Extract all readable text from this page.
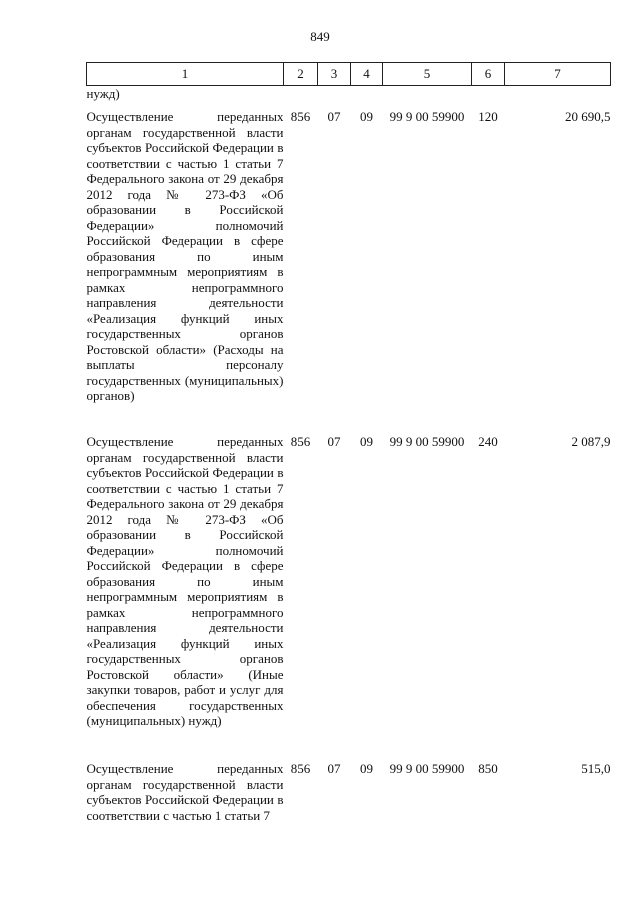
849
1	2	3	4	5	6	7
нужд)						
Осуществление переданных органам государственной власти субъектов Российской Федерации в соответствии с частью 1 статьи 7 Федерального закона от 29 декабря 2012 года № 273-ФЗ «Об образовании в Российской Федерации» полномочий Российской Федерации в сфере образования по иным непрограммным мероприятиям в рамках непрограммного направления деятельности «Реализация функций иных государственных органов Ростовской области» (Расходы на выплаты персоналу государственных (муниципальных) органов)	856	07	09	99 9 00 59900	120	20 690,5
Осуществление переданных органам государственной власти субъектов Российской Федерации в соответствии с частью 1 статьи 7 Федерального закона от 29 декабря 2012 года № 273-ФЗ «Об образовании в Российской Федерации» полномочий Российской Федерации в сфере образования по иным непрограммным мероприятиям в рамках непрограммного направления деятельности «Реализация функций иных государственных органов Ростовской области» (Иные закупки товаров, работ и услуг для обеспечения государственных (муниципальных) нужд)	856	07	09	99 9 00 59900	240	2 087,9
Осуществление переданных органам государственной власти субъектов Российской Федерации в соответствии с частью 1 статьи 7	856	07	09	99 9 00 59900	850	515,0
